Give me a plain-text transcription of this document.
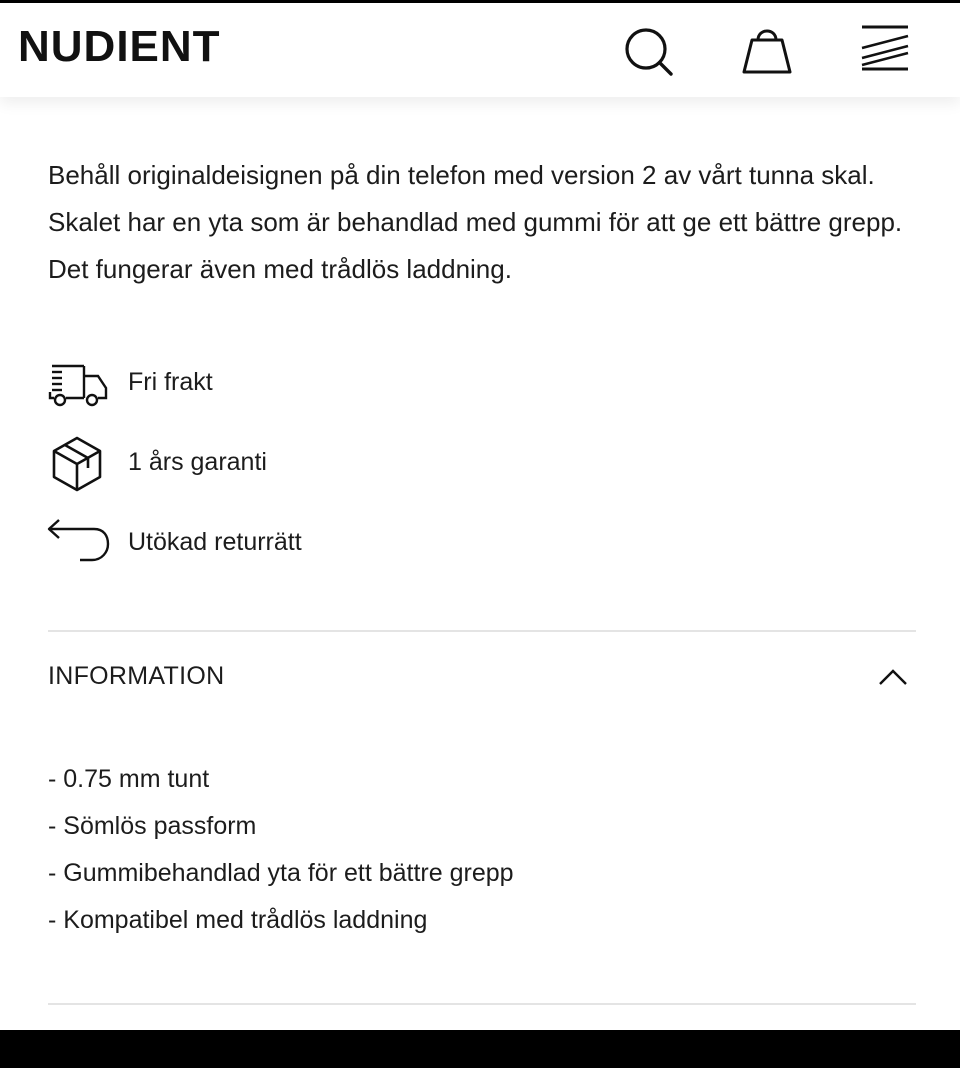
NUDIENT

Behåll originaldeisignen på din telefon med version 2 av vårt tunna skal. Skalet har en yta som är behandlad med gummi för att ge ett bättre grepp. Det fungerar även med trådlös laddning.

Fri frakt
1 års garanti
Utökad returrätt
INFORMATION
- 0.75 mm tunt
- Sömlös passform
- Gummibehandlad yta för ett bättre grepp
- Kompatibel med trådlös laddning
